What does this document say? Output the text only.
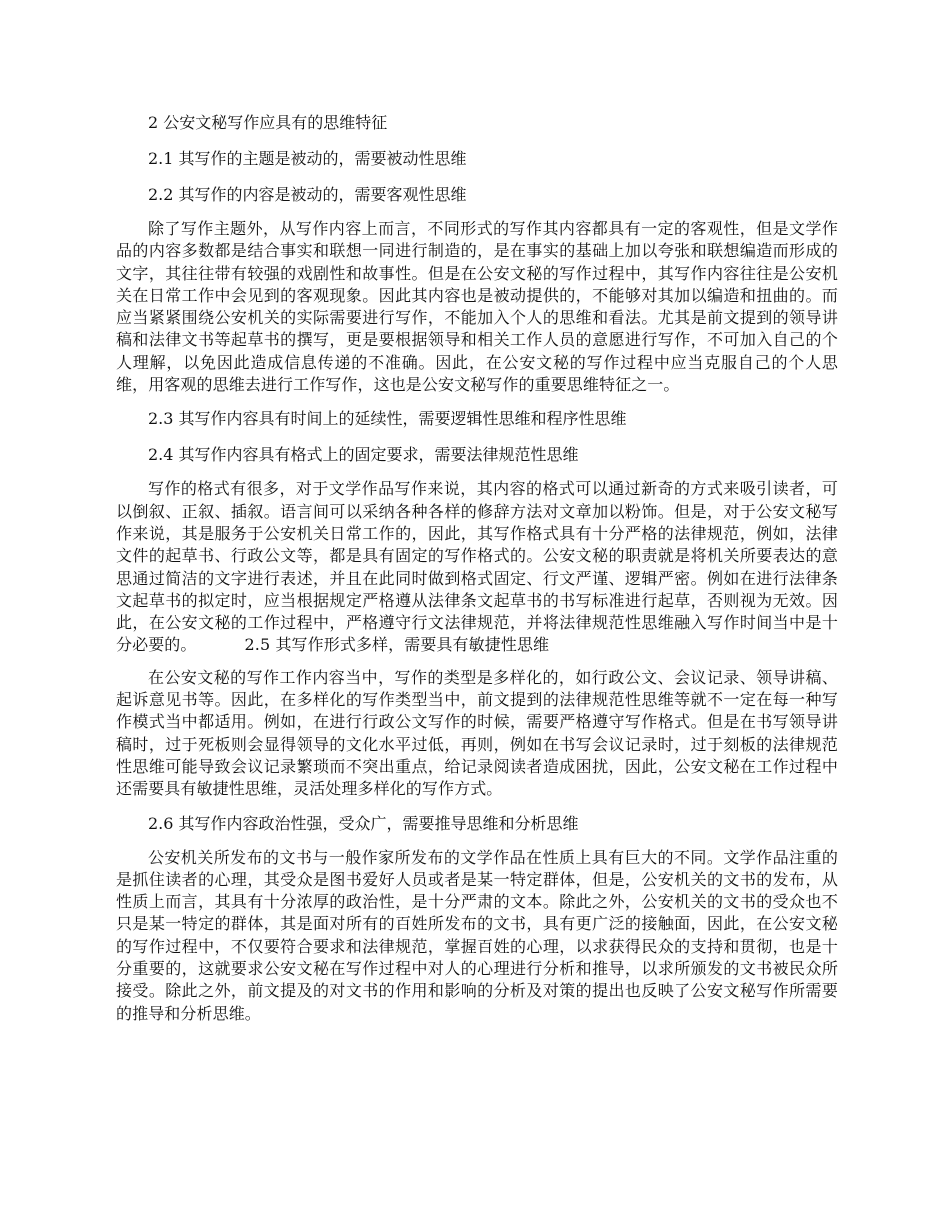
2 公安文秘写作应具有的思维特征
2.1 其写作的主题是被动的，需要被动性思维
2.2 其写作的内容是被动的，需要客观性思维

除了写作主题外，从写作内容上而言，不同形式的写作其内容都具有一定的客观性，但是文学作品的内容多数都是结合事实和联想一同进行制造的，是在事实的基础上加以夸张和联想编造而形成的文字，其往往带有较强的戏剧性和故事性。但是在公安文秘的写作过程中，其写作内容往往是公安机关在日常工作中会见到的客观现象。因此其内容也是被动提供的，不能够对其加以编造和扭曲的。而应当紧紧围绕公安机关的实际需要进行写作，不能加入个人的思维和看法。尤其是前文提到的领导讲稿和法律文书等起草书的撰写，更是要根据领导和相关工作人员的意愿进行写作，不可加入自己的个人理解，以免因此造成信息传递的不准确。因此，在公安文秘的写作过程中应当克服自己的个人思维，用客观的思维去进行工作写作，这也是公安文秘写作的重要思维特征之一。

2.3 其写作内容具有时间上的延续性，需要逻辑性思维和程序性思维
2.4 其写作内容具有格式上的固定要求，需要法律规范性思维

写作的格式有很多，对于文学作品写作来说，其内容的格式可以通过新奇的方式来吸引读者，可以倒叙、正叙、插叙。语言间可以采纳各种各样的修辞方法对文章加以粉饰。但是，对于公安文秘写作来说，其是服务于公安机关日常工作的，因此，其写作格式具有十分严格的法律规范，例如，法律文件的起草书、行政公文等，都是具有固定的写作格式的。公安文秘的职责就是将机关所要表达的意思通过简洁的文字进行表述，并且在此同时做到格式固定、行文严谨、逻辑严密。例如在进行法律条文起草书的拟定时，应当根据规定严格遵从法律条文起草书的书写标准进行起草，否则视为无效。因此，在公安文秘的工作过程中，严格遵守行文法律规范，并将法律规范性思维融入写作时间当中是十分必要的。	2.5 其写作形式多样，需要具有敏捷性思维

在公安文秘的写作工作内容当中，写作的类型是多样化的，如行政公文、会议记录、领导讲稿、起诉意见书等。因此，在多样化的写作类型当中，前文提到的法律规范性思维等就不一定在每一种写作模式当中都适用。例如，在进行行政公文写作的时候，需要严格遵守写作格式。但是在书写领导讲稿时，过于死板则会显得领导的文化水平过低，再则，例如在书写会议记录时，过于刻板的法律规范性思维可能导致会议记录繁琐而不突出重点，给记录阅读者造成困扰，因此，公安文秘在工作过程中还需要具有敏捷性思维，灵活处理多样化的写作方式。

2.6 其写作内容政治性强，受众广，需要推导思维和分析思维

公安机关所发布的文书与一般作家所发布的文学作品在性质上具有巨大的不同。文学作品注重的是抓住读者的心理，其受众是图书爱好人员或者是某一特定群体，但是，公安机关的文书的发布，从性质上而言，其具有十分浓厚的政治性，是十分严肃的文本。除此之外，公安机关的文书的受众也不只是某一特定的群体，其是面对所有的百姓所发布的文书，具有更广泛的接触面，因此，在公安文秘的写作过程中，不仅要符合要求和法律规范，掌握百姓的心理，以求获得民众的支持和贯彻，也是十分重要的，这就要求公安文秘在写作过程中对人的心理进行分析和推导，以求所颁发的文书被民众所接受。除此之外，前文提及的对文书的作用和影响的分析及对策的提出也反映了公安文秘写作所需要的推导和分析思维。
